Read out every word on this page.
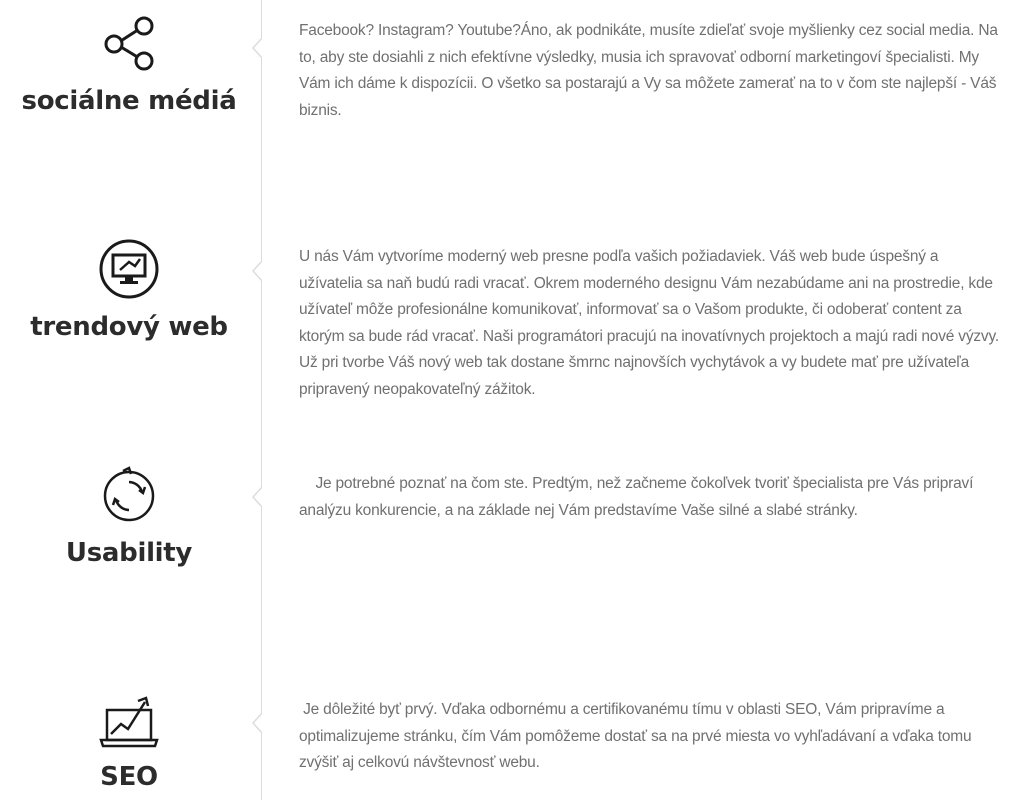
sociálne médiá

Facebook? Instagram? Youtube?Áno, ak podnikáte, musíte zdieľať svoje myšlienky cez social media. Na to, aby ste dosiahli z nich efektívne výsledky, musia ich spravovať odborní marketingoví špecialisti. My Vám ich dáme k dispozícii. O všetko sa postarajú a Vy sa môžete zamerať na to v čom ste najlepší - Váš biznis.

trendový web

U nás Vám vytvoríme moderný web presne podľa vašich požiadaviek. Váš web bude úspešný a užívatelia sa naň budú radi vracať. Okrem moderného designu Vám nezabúdame ani na prostredie, kde užívateľ môže profesionálne komunikovať, informovať sa o Vašom produkte, či odoberať content za ktorým sa bude rád vracať. Naši programátori pracujú na inovatívnych projektoch a majú radi nové výzvy. Už pri tvorbe Váš nový web tak dostane šmrnc najnovších vychytávok a vy budete mať pre užívateľa pripravený neopakovateľný zážitok.

Usability

Je potrebné poznať na čom ste. Predtým, než začneme čokoľvek tvoriť špecialista pre Vás pripraví analýzu konkurencie, a na základe nej Vám predstavíme Vaše silné a slabé stránky.

SEO

Je dôležité byť prvý. Vďaka odbornému a certifikovanému tímu v oblasti SEO, Vám pripravíme a optimalizujeme stránku, čím Vám pomôžeme dostať sa na prvé miesta vo vyhľadávaní a vďaka tomu zvýšiť aj celkovú návštevnosť webu.
